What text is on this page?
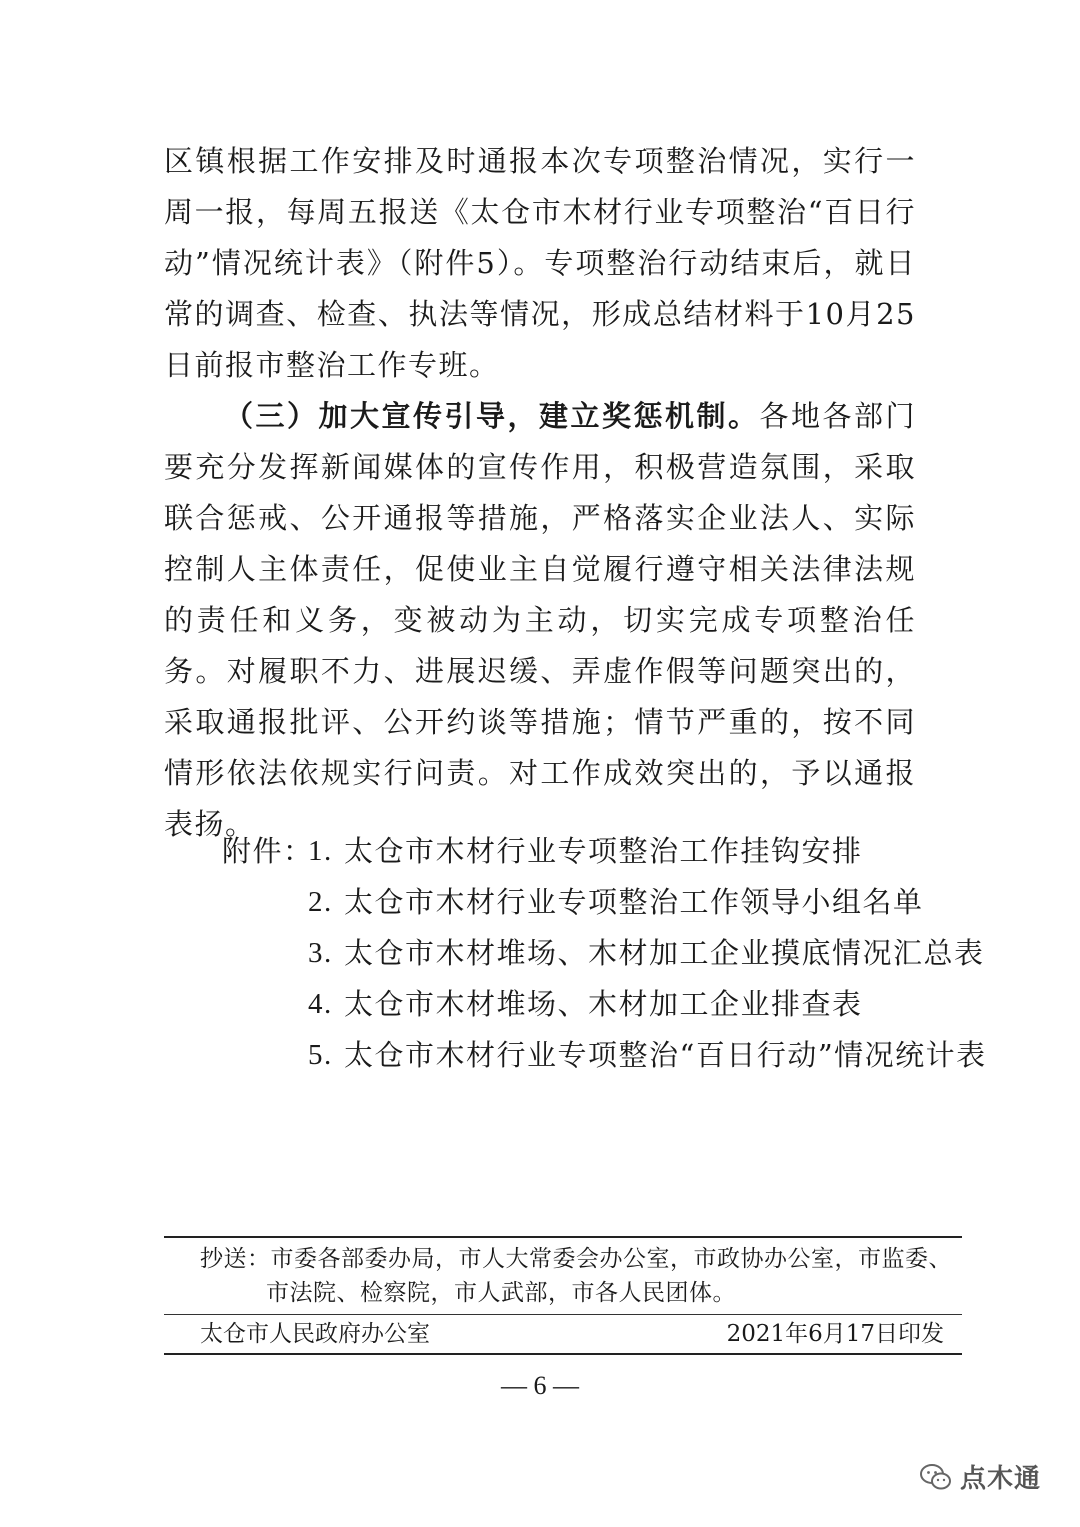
区镇根据工作安排及时通报本次专项整治情况，实行一周一报，每周五报送《太仓市木材行业专项整治“百日行动”情况统计表》（附件5）。专项整治行动结束后，就日常的调查、检查、执法等情况，形成总结材料于10月25日前报市整治工作专班。

（三）加大宣传引导，建立奖惩机制。各地各部门要充分发挥新闻媒体的宣传作用，积极营造氛围，采取联合惩戒、公开通报等措施，严格落实企业法人、实际控制人主体责任，促使业主自觉履行遵守相关法律法规的责任和义务，变被动为主动，切实完成专项整治任务。对履职不力、进展迟缓、弄虚作假等问题突出的，采取通报批评、公开约谈等措施；情节严重的，按不同情形依法依规实行问责。对工作成效突出的，予以通报表扬。

附件：
1. 太仓市木材行业专项整治工作挂钩安排
2. 太仓市木材行业专项整治工作领导小组名单
3. 太仓市木材堆场、木材加工企业摸底情况汇总表
4. 太仓市木材堆场、木材加工企业排查表
5. 太仓市木材行业专项整治“百日行动”情况统计表
抄送：市委各部委办局，市人大常委会办公室，市政协办公室，市监委、
市法院、检察院，市人武部，市各人民团体。
太仓市人民政府办公室	2021年6月17日印发
— 6 —
点木通
